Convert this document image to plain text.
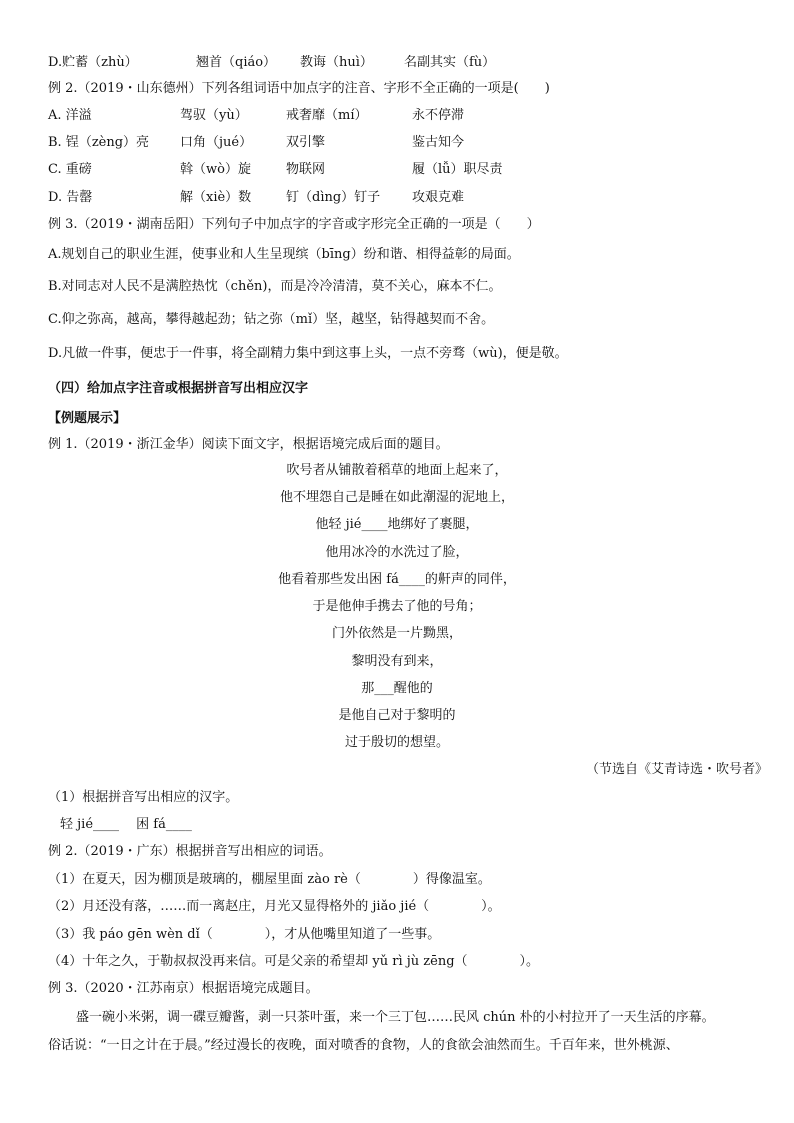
D.贮蓄（zhù）	翘首（qiáo） 教诲（huì） 名副其实（fù）
例 2.（2019・山东德州）下列各组词语中加点字的注音、字形不全正确的一项是(　　)
A. 洋溢	驾驭（yù）	戒奢靡（mí）	永不停滞
B. 锃（zèng）亮 口角（jué）	双引擎	鉴古知今
C. 重磅	斡（wò）旋	物联网	履（lǚ）职尽责
D. 告罄	解（xiè）数	钉（dìng）钉子 攻艰克难
例 3.（2019・湖南岳阳）下列句子中加点字的字音或字形完全正确的一项是（　　）
A.规划自己的职业生涯，使事业和人生呈现缤（bīng）纷和谐、相得益彰的局面。
B.对同志对人民不是满腔热忱（chěn)，而是冷冷清清，莫不关心，麻本不仁。
C.仰之弥高，越高，攀得越起劲；钻之弥（mǐ）坚，越坚，钻得越契而不舍。
D.凡做一件事，便忠于一件事，将全副精力集中到这事上头，一点不旁骛（wù)，便是敬。
（四）给加点字注音或根据拼音写出相应汉字
【例题展示】
例 1.（2019・浙江金华）阅读下面文字，根据语境完成后面的题目。
吹号者从铺散着稻草的地面上起来了，
他不埋怨自己是睡在如此潮湿的泥地上，
他轻 jié____地绑好了裹腿，
他用冰冷的水洗过了脸，
他看着那些发出困 fá____的鼾声的同伴，
于是他伸手携去了他的号角；
门外依然是一片黝黑，
黎明没有到来，
那___醒他的
是他自己对于黎明的
过于殷切的想望。
（节选自《艾青诗选・吹号者》
（1）根据拼音写出相应的汉字。
轻 jié____　 困 fá____
例 2.（2019・广东）根据拼音写出相应的词语。
（1）在夏天，因为棚顶是玻璃的，棚屋里面 zào rè（　　　　）得像温室。
（2）月还没有落，……而一离赵庄，月光又显得格外的 jiǎo jié（　　　　）。
（3）我 páo gēn wèn dǐ（　　　　），才从他嘴里知道了一些事。
（4）十年之久，于勒叔叔没再来信。可是父亲的希望却 yǔ rì jù zēng（　　　　）。
例 3.（2020・江苏南京）根据语境完成题目。
盛一碗小米粥，调一碟豆瓣酱，剥一只茶叶蛋，来一个三丁包……民风 chún 朴的小村拉开了一天生活的序幕。
俗话说：“一日之计在于晨。”经过漫长的夜晚，面对喷香的食物，人的食欲会油然而生。千百年来，世外桃源、
